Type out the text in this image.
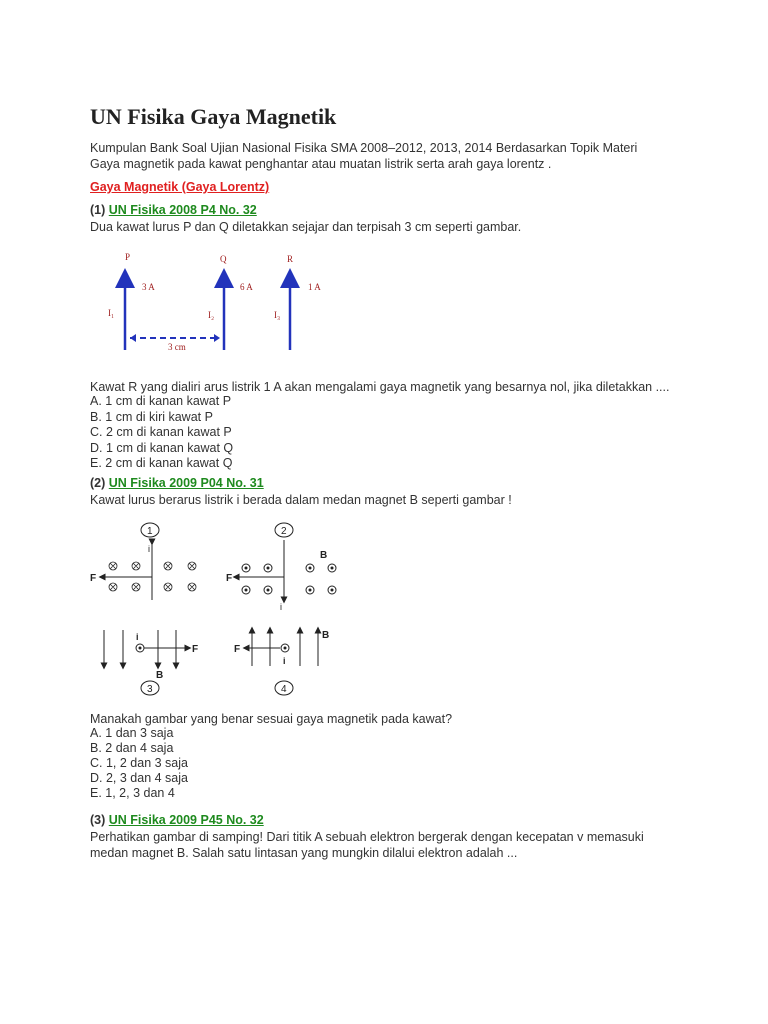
UN Fisika Gaya Magnetik
Kumpulan Bank Soal Ujian Nasional Fisika SMA 2008–2012, 2013, 2014 Berdasarkan Topik Materi
Gaya magnetik pada kawat penghantar atau muatan listrik serta arah gaya lorentz .
Gaya Magnetik (Gaya Lorentz)
(1) UN Fisika 2008 P4 No. 32
Dua kawat lurus P dan Q diletakkan sejajar dan terpisah 3 cm seperti gambar.
P	Q	R
3 A	6 A	1 A
I₁	I₂	I₃
3 cm
Kawat R yang dialiri arus listrik 1 A akan mengalami gaya magnetik yang besarnya nol, jika diletakkan ....
A. 1 cm di kanan kawat P
B. 1 cm di kiri kawat P
C. 2 cm di kanan kawat P
D. 1 cm di kanan kawat Q
E. 2 cm di kanan kawat Q
(2) UN Fisika 2009 P04 No. 31
Kawat lurus berarus listrik i berada dalam medan magnet B seperti gambar !
1
i
F
2
i
F
B
i
F
B
3
i
F
B
4
Manakah gambar yang benar sesuai gaya magnetik pada kawat?
A. 1 dan 3 saja
B. 2 dan 4 saja
C. 1, 2 dan 3 saja
D. 2, 3 dan 4 saja
E. 1, 2, 3 dan 4
(3) UN Fisika 2009 P45 No. 32
Perhatikan gambar di samping! Dari titik A sebuah elektron bergerak dengan kecepatan v memasuki
medan magnet B. Salah satu lintasan yang mungkin dilalui elektron adalah ...
